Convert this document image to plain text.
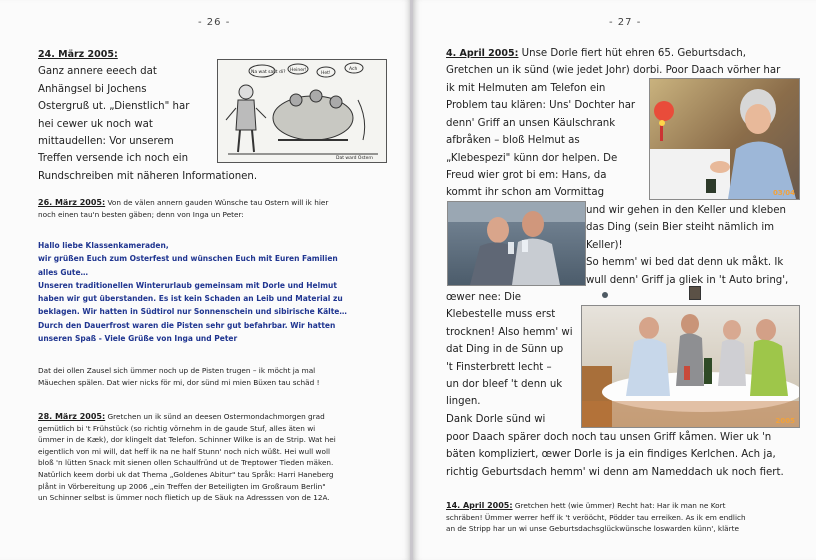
- 26 -
24. März 2005:
Ganz annere eeech dat
Anhängsel bi Jochens
Ostergruß ut. „Dienstlich" har
hei cewer uk noch wat
mittaudellen: Vor unserem
Treffen versende ich noch ein
Rundschreiben mit näheren Informationen.
Na wat sallt di? Heiner!
Het!
Ach
Dat ward Ostern
26. März 2005: Von de välen annern gauden Wünsche tau Ostern will ik hier
noch einen tau'n besten gäben; denn von Inga un Peter:
Hallo liebe Klassenkameraden,
wir grüßen Euch zum Osterfest und wünschen Euch mit Euren Familien
alles Gute…
Unseren traditionellen Winterurlaub gemeinsam mit Dorle und Helmut
haben wir gut überstanden. Es ist kein Schaden an Leib und Material zu
beklagen. Wir hatten in Südtirol nur Sonnenschein und sibirische Kälte…
Durch den Dauerfrost waren die Pisten sehr gut befahrbar. Wir hatten
unseren Spaß - Viele Grüße von Inga und Peter
Dat dei ollen Zausel sich ümmer noch up de Pisten trugen – ik möcht ja mal
Mäuechen spälen. Dat wier nicks för mi, dor sünd mi mien Büxen tau schäd !
28. März 2005: Gretchen un ik sünd an deesen Ostermondachmorgen grad
gemütlich bi 't Frühstück (so richtig vörnehm in de gaude Stuf, alles äten wi
ümmer in de Kæk), dor klingelt dat Telefon. Schinner Wilke is an de Strip. Wat hei
eigentlich von mi will, dat heff ik na ne half Stunn' noch nich wüßt. Hei wull woll
bloß 'n lütten Snack mit sienen ollen Schaulfründ ut de Treptower Tieden mäken.
Natürlich keem dorbi uk dat Thema „Goldenes Abitur" tau Språk: Harri Haneberg
plånt in Vörbereitung up 2006 „ein Treffen der Beteiligten im Großraum Berlin"
un Schinner selbst is ümmer noch flietich up de Säuk na Adresssen von de 12A.
- 27 -
4. April 2005: Unse Dorle fiert hüt ehren 65. Geburtsdach,
Gretchen un ik sünd (wie jedet Johr) dorbi. Poor Daach vörher har
ik mit Helmuten am Telefon ein
Problem tau klären: Uns' Dochter har
denn' Griff an unsen Käulschrank
afbråken – bloß Helmut as
„Klebespezi" künn dor helpen. De
Freud wier grot bi em: Hans, da
kommt ihr schon am Vormittag	03/04
und wir gehen in den Keller und kleben
das Ding (sein Bier steiht nämlich im
Keller)!
So hemm' wi bed dat denn uk måkt. Ik
wull denn' Griff ja gliek in 't Auto bring',
œwer nee: Die
Klebestelle muss erst
trocknen! Also hemm' wi
dat Ding in de Sünn up
't Finsterbrett lecht –
un dor bleef 't denn uk
lingen.
Dank Dorle sünd wi	2005
poor Daach spärer doch noch tau unsen Griff kåmen. Wier uk 'n
bäten kompliziert, œwer Dorle is ja ein findiges Kerlchen. Ach ja,
richtig Geburtsdach hemm' wi denn am Nameddach uk noch fiert.
14. April 2005: Gretchen hett (wie ümmer) Recht hat: Har ik man ne Kort
schräben! Ümmer werrer heff ik 't verööcht, Pödder tau erreiken. As ik em endlich
an de Stripp har un wi unse Geburtsdachsglückwünsche loswarden künn', klärte
